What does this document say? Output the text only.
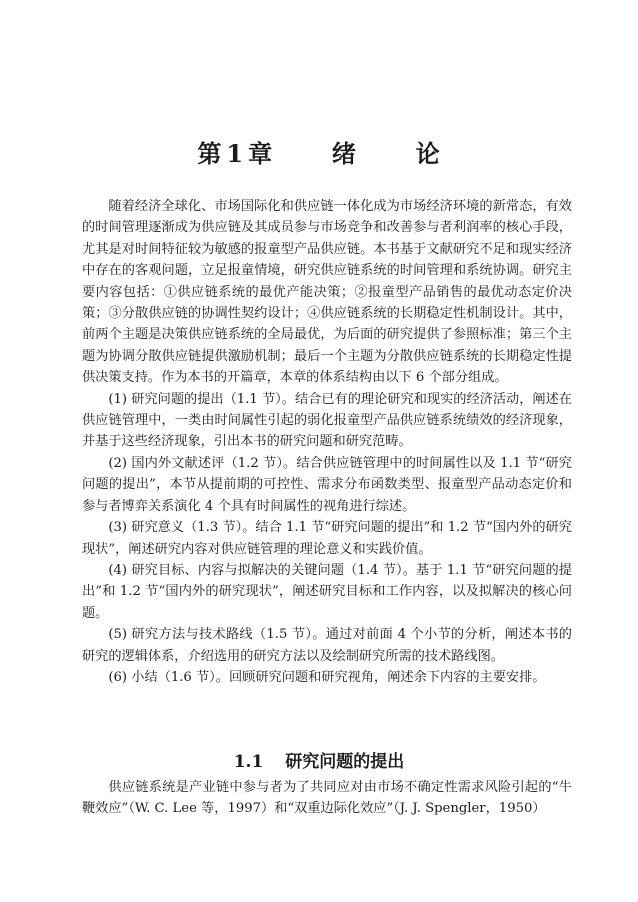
第 1 章 绪 论

随着经济全球化、市场国际化和供应链一体化成为市场经济环境的新常态，有效的时间管理逐渐成为供应链及其成员参与市场竞争和改善参与者利润率的核心手段，尤其是对时间特征较为敏感的报童型产品供应链。本书基于文献研究不足和现实经济中存在的客观问题，立足报童情境，研究供应链系统的时间管理和系统协调。研究主要内容包括：①供应链系统的最优产能决策；②报童型产品销售的最优动态定价决策；③分散供应链的协调性契约设计；④供应链系统的长期稳定性机制设计。其中，前两个主题是决策供应链系统的全局最优，为后面的研究提供了参照标准；第三个主题为协调分散供应链提供激励机制；最后一个主题为分散供应链系统的长期稳定性提供决策支持。作为本书的开篇章，本章的体系结构由以下 6 个部分组成。

(1) 研究问题的提出（1.1 节）。结合已有的理论研究和现实的经济活动，阐述在供应链管理中，一类由时间属性引起的弱化报童型产品供应链系统绩效的经济现象，并基于这些经济现象，引出本书的研究问题和研究范畴。

(2) 国内外文献述评（1.2 节）。结合供应链管理中的时间属性以及 1.1 节“研究问题的提出”，本节从提前期的可控性、需求分布函数类型、报童型产品动态定价和参与者博弈关系演化 4 个具有时间属性的视角进行综述。

(3) 研究意义（1.3 节）。结合 1.1 节“研究问题的提出”和 1.2 节“国内外的研究现状”，阐述研究内容对供应链管理的理论意义和实践价值。

(4) 研究目标、内容与拟解决的关键问题（1.4 节）。基于 1.1 节“研究问题的提出”和 1.2 节“国内外的研究现状”，阐述研究目标和工作内容，以及拟解决的核心问题。

(5) 研究方法与技术路线（1.5 节）。通过对前面 4 个小节的分析，阐述本书的研究的逻辑体系，介绍选用的研究方法以及绘制研究所需的技术路线图。

(6) 小结（1.6 节）。回顾研究问题和研究视角，阐述余下内容的主要安排。

1.1 研究问题的提出

供应链系统是产业链中参与者为了共同应对由市场不确定性需求风险引起的“牛鞭效应”（W. C. Lee 等，1997）和“双重边际化效应”（J. J. Spengler，1950）
